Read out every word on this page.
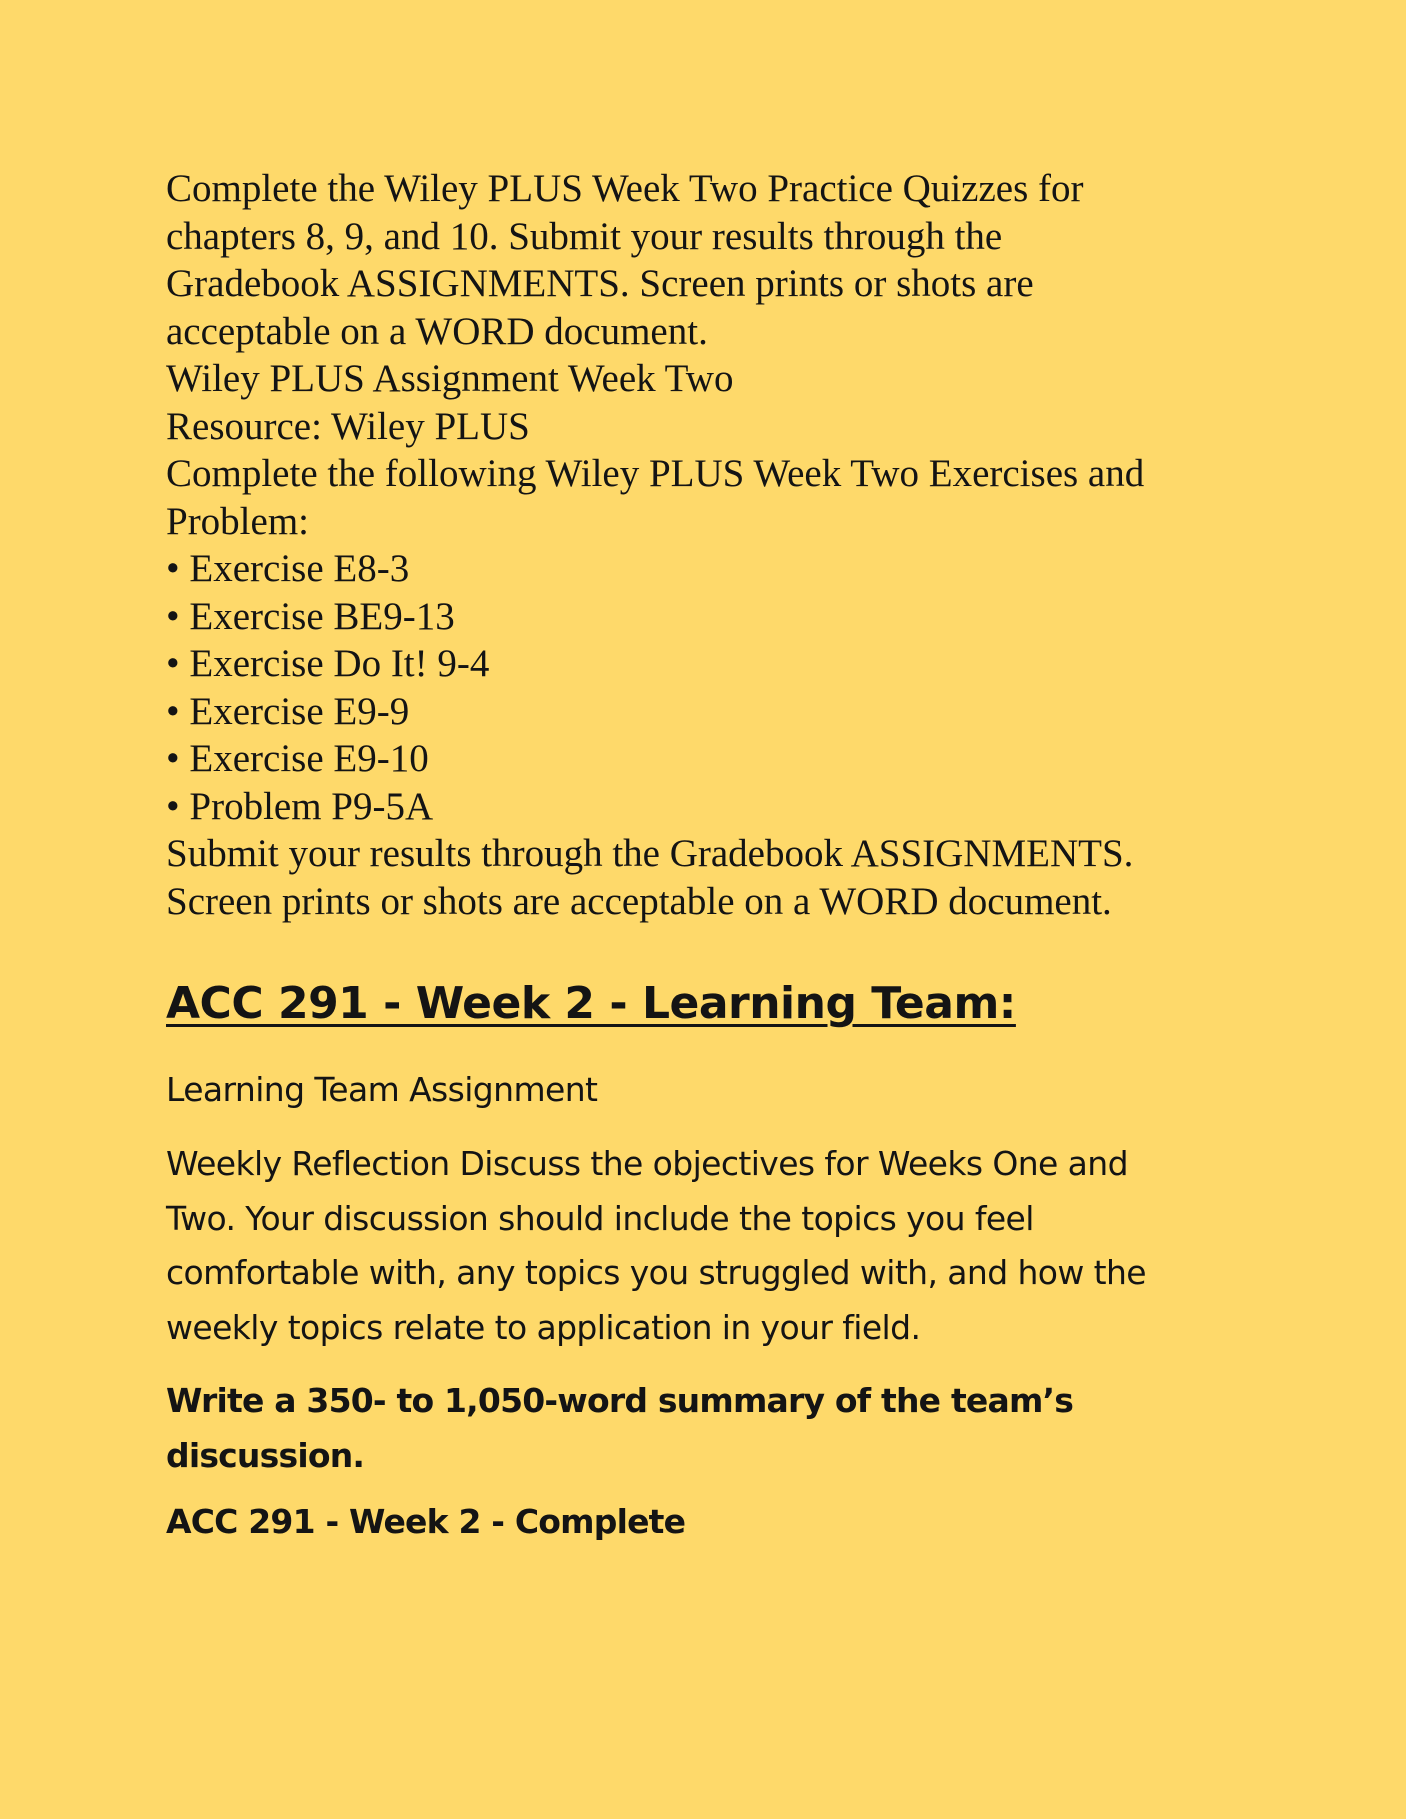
Complete the Wiley PLUS Week Two Practice Quizzes for
chapters 8, 9, and 10. Submit your results through the
Gradebook ASSIGNMENTS. Screen prints or shots are
acceptable on a WORD document.
Wiley PLUS Assignment Week Two
Resource: Wiley PLUS
Complete the following Wiley PLUS Week Two Exercises and
Problem:
• Exercise E8-3
• Exercise BE9-13
• Exercise Do It! 9-4
• Exercise E9-9
• Exercise E9-10
• Problem P9-5A
Submit your results through the Gradebook ASSIGNMENTS.
Screen prints or shots are acceptable on a WORD document.
ACC 291 - Week 2 - Learning Team:
Learning Team Assignment
Weekly Reflection Discuss the objectives for Weeks One and
Two. Your discussion should include the topics you feel
comfortable with, any topics you struggled with, and how the
weekly topics relate to application in your field.
Write a 350- to 1,050-word summary of the team’s
discussion.
ACC 291 - Week 2 - Complete
